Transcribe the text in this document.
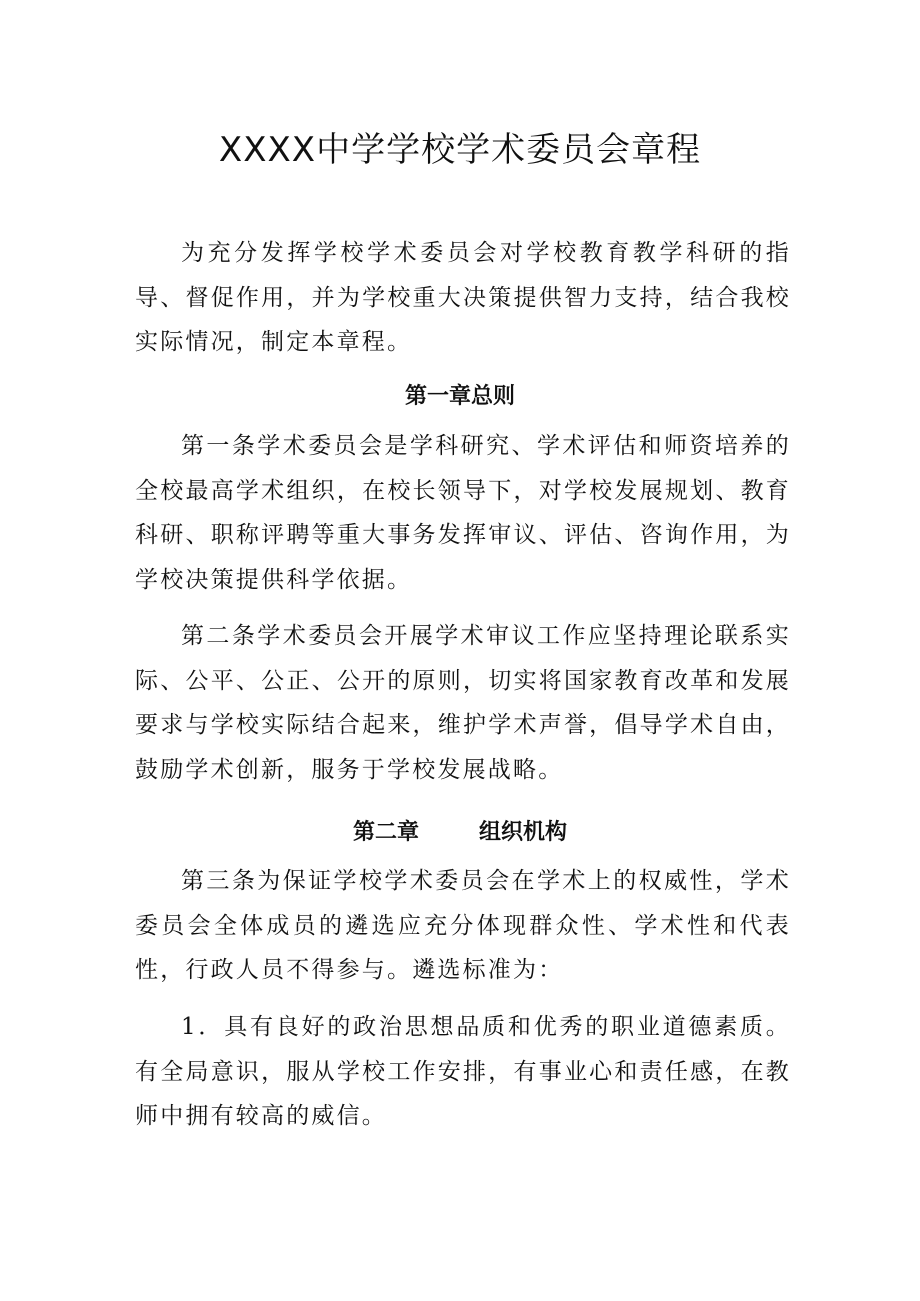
XXXX中学学校学术委员会章程

为充分发挥学校学术委员会对学校教育教学科研的指导、督促作用，并为学校重大决策提供智力支持，结合我校实际情况，制定本章程。

第一章总则

第一条学术委员会是学科研究、学术评估和师资培养的全校最高学术组织，在校长领导下，对学校发展规划、教育科研、职称评聘等重大事务发挥审议、评估、咨询作用，为学校决策提供科学依据。

第二条学术委员会开展学术审议工作应坚持理论联系实际、公平、公正、公开的原则，切实将国家教育改革和发展要求与学校实际结合起来，维护学术声誉，倡导学术自由，鼓励学术创新，服务于学校发展战略。

第二章	组织机构

第三条为保证学校学术委员会在学术上的权威性，学术委员会全体成员的遴选应充分体现群众性、学术性和代表性，行政人员不得参与。遴选标准为：

1．具有良好的政治思想品质和优秀的职业道德素质。有全局意识，服从学校工作安排，有事业心和责任感，在教师中拥有较高的威信。
